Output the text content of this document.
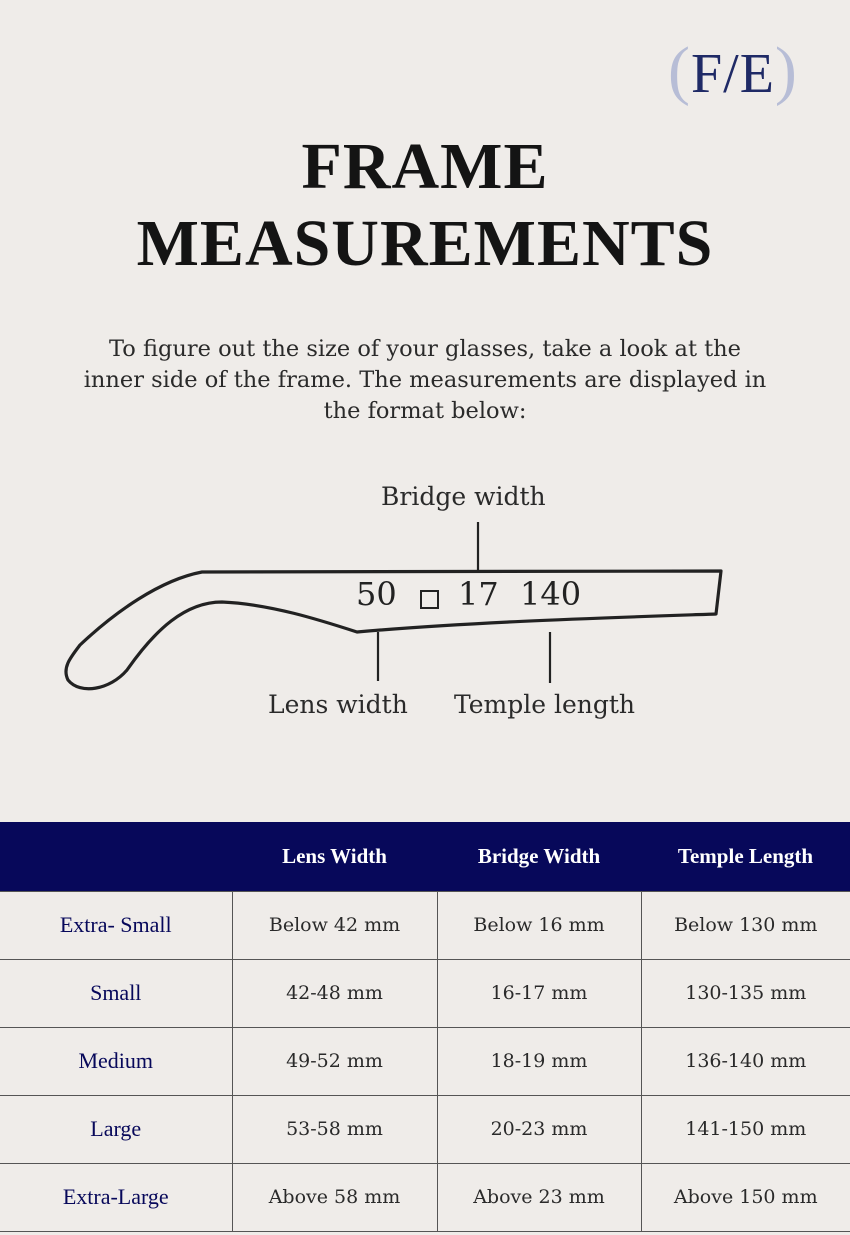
(F/E)
FRAME
MEASUREMENTS

To figure out the size of your glasses, take a look at the inner side of the frame. The measurements are displayed in the format below:

Bridge width
50 17 140
Lens width Temple length
	Lens Width	Bridge Width	Temple Length
Extra- Small	Below 42 mm	Below 16 mm	Below 130 mm
Small	42-48 mm	16-17 mm	130-135 mm
Medium	49-52 mm	18-19 mm	136-140 mm
Large	53-58 mm	20-23 mm	141-150 mm
Extra-Large	Above 58 mm	Above 23 mm	Above 150 mm
